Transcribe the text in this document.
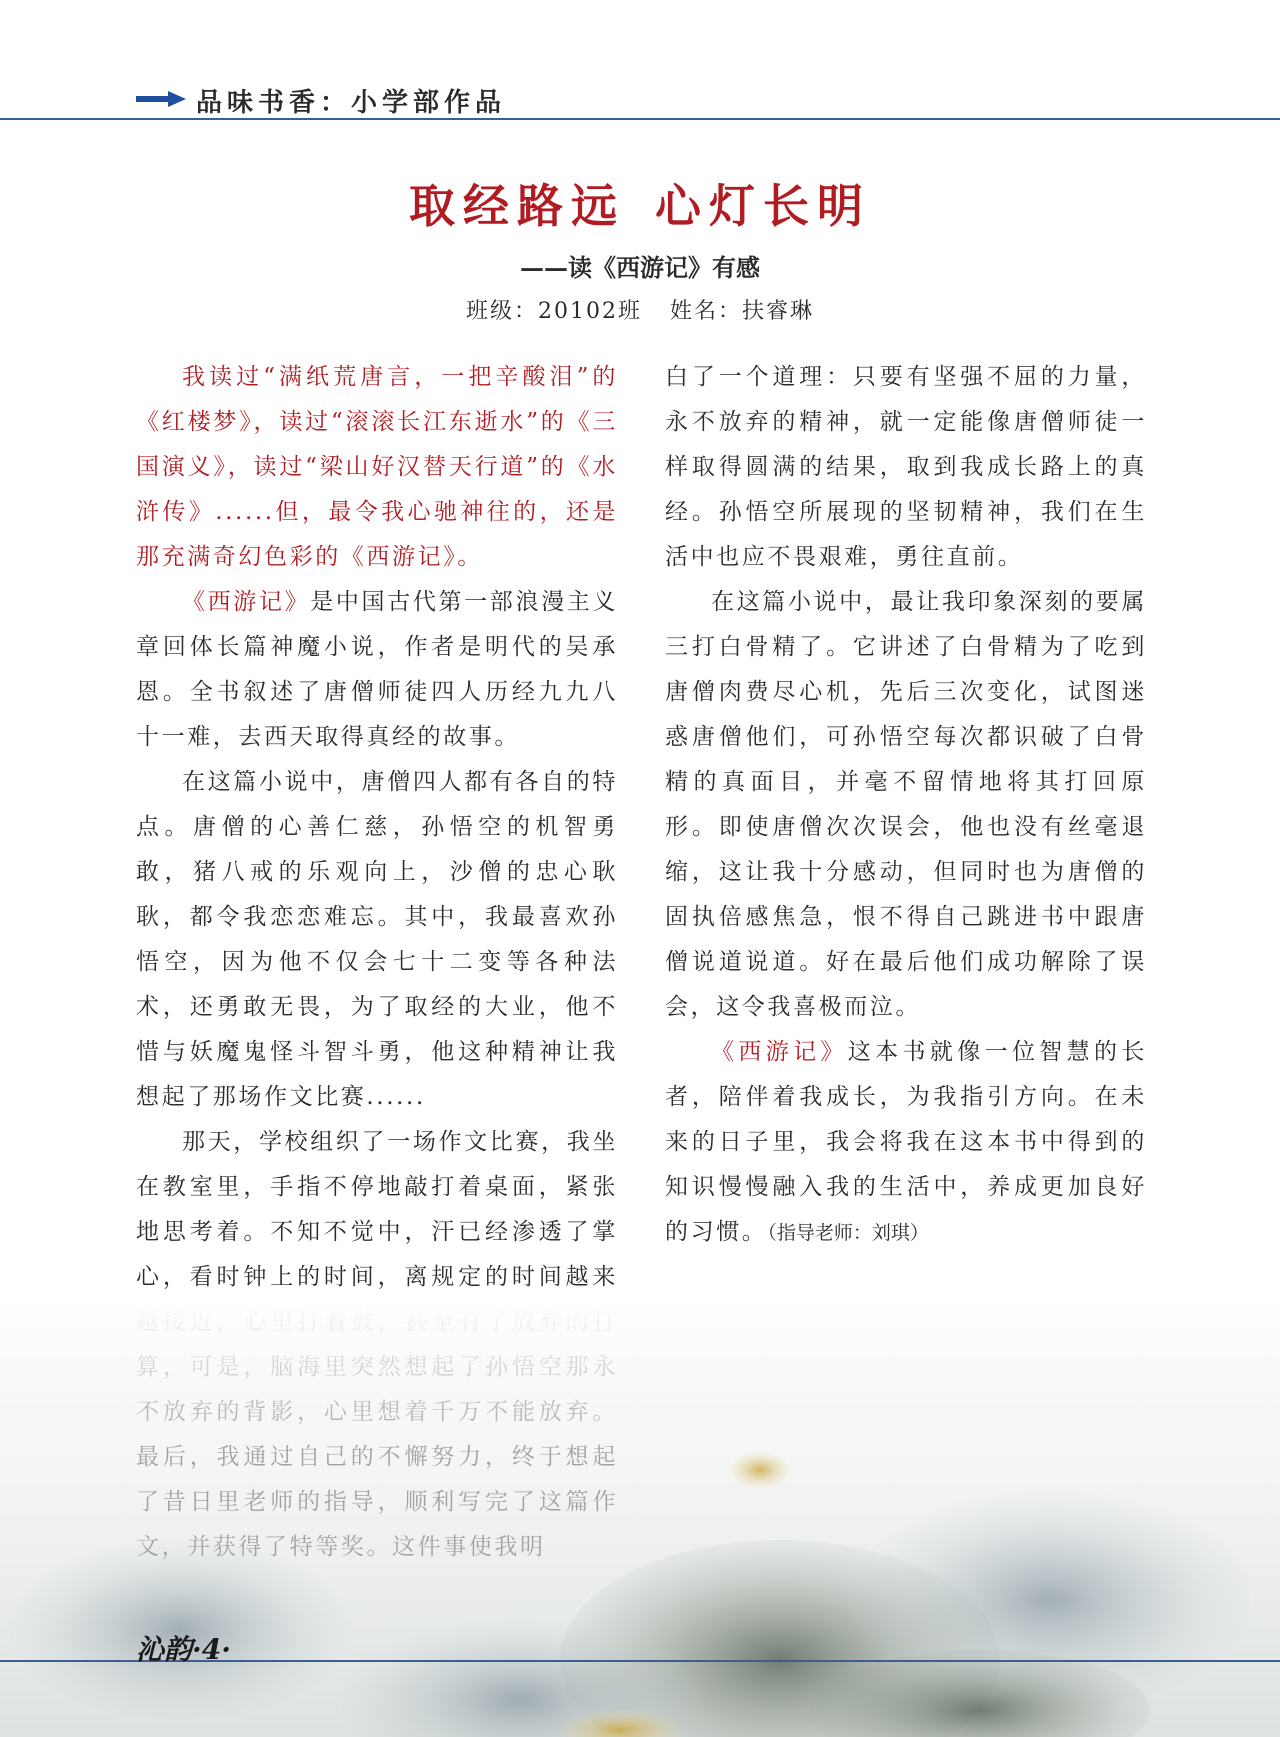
品味书香：小学部作品
取经路远 心灯长明
——读《西游记》有感
班级：20102班 姓名：扶睿琳

我读过“满纸荒唐言，一把辛酸泪”的《红楼梦》，读过“滚滚长江东逝水”的《三国演义》，读过“梁山好汉替天行道”的《水浒传》......但，最令我心驰神往的，还是那充满奇幻色彩的《西游记》。

《西游记》是中国古代第一部浪漫主义章回体长篇神魔小说，作者是明代的吴承恩。全书叙述了唐僧师徒四人历经九九八十一难，去西天取得真经的故事。

在这篇小说中，唐僧四人都有各自的特点。唐僧的心善仁慈，孙悟空的机智勇敢，猪八戒的乐观向上，沙僧的忠心耿耿，都令我恋恋难忘。其中，我最喜欢孙悟空，因为他不仅会七十二变等各种法术，还勇敢无畏，为了取经的大业，他不惜与妖魔鬼怪斗智斗勇，他这种精神让我想起了那场作文比赛......

那天，学校组织了一场作文比赛，我坐在教室里，手指不停地敲打着桌面，紧张地思考着。不知不觉中，汗已经渗透了掌心，看时钟上的时间，离规定的时间越来

白了一个道理：只要有坚强不屈的力量，永不放弃的精神，就一定能像唐僧师徒一样取得圆满的结果，取到我成长路上的真经。孙悟空所展现的坚韧精神，我们在生活中也应不畏艰难，勇往直前。

在这篇小说中，最让我印象深刻的要属三打白骨精了。它讲述了白骨精为了吃到唐僧肉费尽心机，先后三次变化，试图迷惑唐僧他们，可孙悟空每次都识破了白骨精的真面目，并毫不留情地将其打回原形。即使唐僧次次误会，他也没有丝毫退缩，这让我十分感动，但同时也为唐僧的固执倍感焦急，恨不得自己跳进书中跟唐僧说道说道。好在最后他们成功解除了误会，这令我喜极而泣。

《西游记》这本书就像一位智慧的长者，陪伴着我成长，为我指引方向。在未来的日子里，我会将我在这本书中得到的知识慢慢融入我的生活中，养成更加良好的习惯。（指导老师：刘琪）

沁韵·4·
